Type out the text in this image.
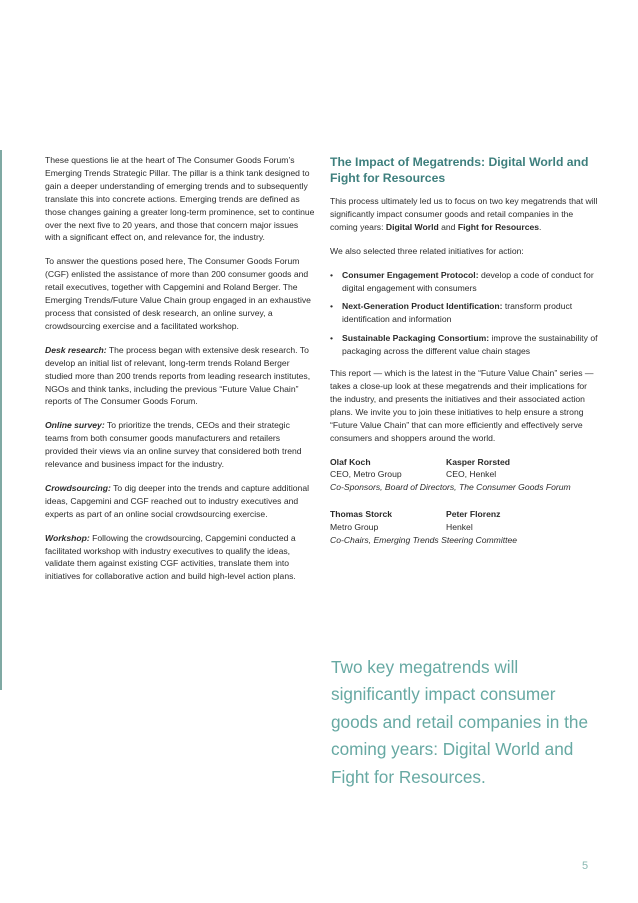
These questions lie at the heart of The Consumer Goods Forum’s Emerging Trends Strategic Pillar. The pillar is a think tank designed to gain a deeper understanding of emerging trends and to subsequently translate this into concrete actions. Emerging trends are defined as those changes gaining a greater long-term prominence, set to continue over the next five to 20 years, and those that concern major issues with a significant effect on, and relevance for, the industry.

To answer the questions posed here, The Consumer Goods Forum (CGF) enlisted the assistance of more than 200 consumer goods and retail executives, together with Capgemini and Roland Berger. The Emerging Trends/Future Value Chain group engaged in an exhaustive process that consisted of desk research, an online survey, a crowdsourcing exercise and a facilitated workshop.

Desk research: The process began with extensive desk research. To develop an initial list of relevant, long-term trends Roland Berger studied more than 200 trends reports from leading research institutes, NGOs and think tanks, including the previous “Future Value Chain” reports of The Consumer Goods Forum.

Online survey: To prioritize the trends, CEOs and their strategic teams from both consumer goods manufacturers and retailers provided their views via an online survey that considered both trend relevance and business impact for the industry.

Crowdsourcing: To dig deeper into the trends and capture additional ideas, Capgemini and CGF reached out to industry executives and experts as part of an online social crowdsourcing exercise.

Workshop: Following the crowdsourcing, Capgemini conducted a facilitated workshop with industry executives to qualify the ideas, validate them against existing CGF activities, translate them into initiatives for collaborative action and build high-level action plans.

The Impact of Megatrends: Digital World and Fight for Resources

This process ultimately led us to focus on two key megatrends that will significantly impact consumer goods and retail companies in the coming years: Digital World and Fight for Resources.

We also selected three related initiatives for action:

• Consumer Engagement Protocol: develop a code of conduct for digital engagement with consumers
• Next-Generation Product Identification: transform product identification and information
• Sustainable Packaging Consortium: improve the sustainability of packaging across the different value chain stages

This report — which is the latest in the “Future Value Chain” series — takes a close-up look at these megatrends and their implications for the industry, and presents the initiatives and their associated action plans. We invite you to join these initiatives to help ensure a strong “Future Value Chain” that can more efficiently and effectively serve consumers and shoppers around the world.

Olaf Koch	Kasper Rorsted
CEO, Metro Group	CEO, Henkel
Co-Sponsors, Board of Directors, The Consumer Goods Forum
Thomas Storck	Peter Florenz
Metro Group	Henkel
Co-Chairs, Emerging Trends Steering Committee
Two key megatrends will significantly impact consumer goods and retail companies in the coming years: Digital World and Fight for Resources.
5
